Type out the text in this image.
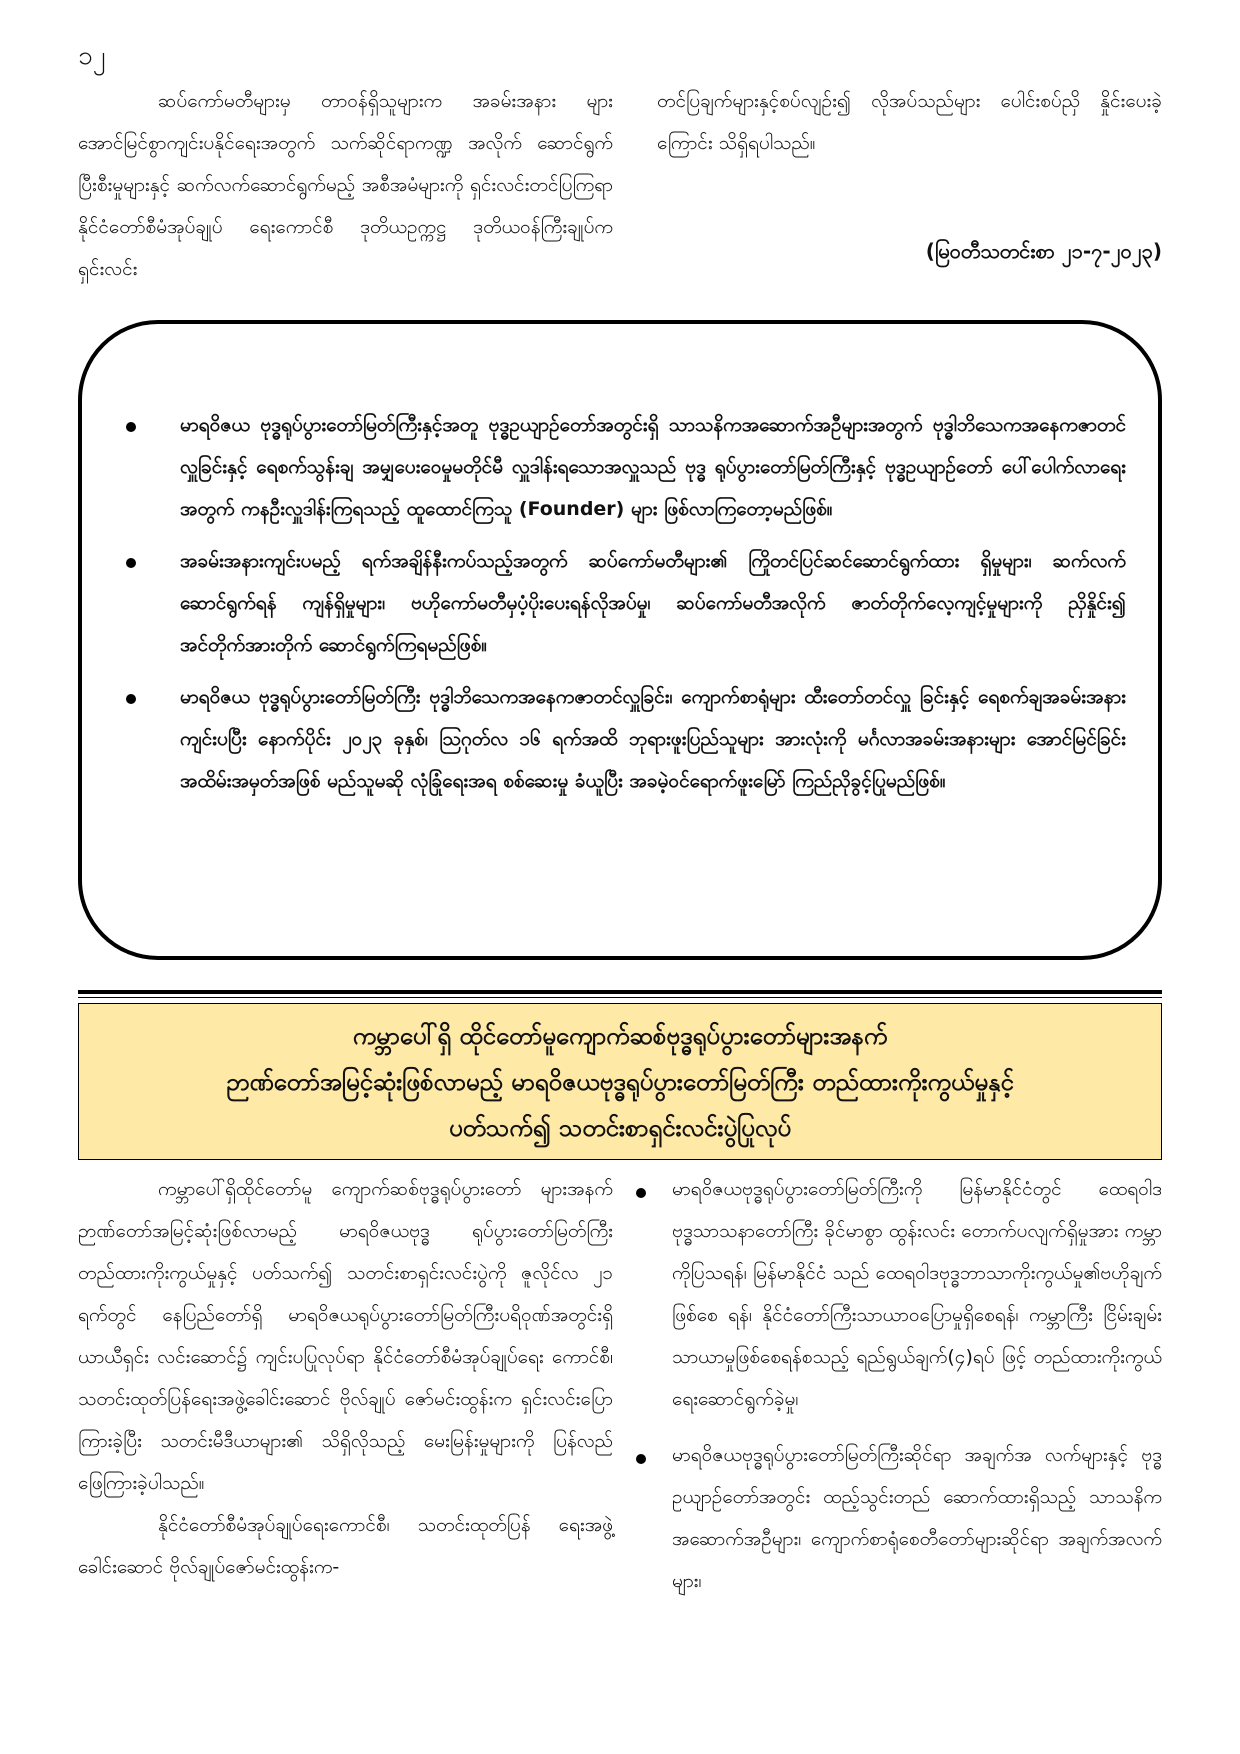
၁၂

ဆပ်ကော်မတီများမှ တာဝန်ရှိသူများက အခမ်းအနား များ အောင်မြင်စွာကျင်းပနိုင်ရေးအတွက် သက်ဆိုင်ရာကဏ္ဍ အလိုက် ဆောင်ရွက်ပြီးစီးမှုများနှင့် ဆက်လက်ဆောင်ရွက်မည့် အစီအမံများကို ရှင်းလင်းတင်ပြကြရာ နိုင်ငံတော်စီမံအုပ်ချုပ် ရေးကောင်စီ ဒုတိယဥက္ကဋ္ဌ ဒုတိယဝန်ကြီးချုပ်က ရှင်းလင်း

တင်ပြချက်များနှင့်စပ်လျဉ်း၍ လိုအပ်သည်များ ပေါင်းစပ်ညှိ နှိုင်းပေးခဲ့ကြောင်း သိရှိရပါသည်။

(မြဝတီသတင်းစာ ၂၁-၇-၂၀၂၃)
မာရဝိဇယ ဗုဒ္ဓရုပ်ပွားတော်မြတ်ကြီးနှင့်အတူ ဗုဒ္ဓဥယျာဉ်တော်အတွင်းရှိ သာသနိကအဆောက်အဦများအတွက် ဗုဒ္ဓါဘိသေကအနေကဇာတင်လှူခြင်းနှင့် ရေစက်သွန်းချ အမျှပေးဝေမှုမတိုင်မီ လှူဒါန်းရသောအလှူသည် ဗုဒ္ဓ ရုပ်ပွားတော်မြတ်ကြီးနှင့် ဗုဒ္ဓဥယျာဉ်တော် ပေါ်ပေါက်လာရေးအတွက် ကနဦးလှူဒါန်းကြရသည့် ထူထောင်ကြသူ (Founder) များ ဖြစ်လာကြတော့မည်ဖြစ်။
အခမ်းအနားကျင်းပမည့် ရက်အချိန်နီးကပ်သည့်အတွက် ဆပ်ကော်မတီများ၏ ကြိုတင်ပြင်ဆင်ဆောင်ရွက်ထား ရှိမှုများ၊ ဆက်လက်ဆောင်ရွက်ရန် ကျန်ရှိမှုများ၊ ဗဟိုကော်မတီမှပံ့ပိုးပေးရန်လိုအပ်မှု၊ ဆပ်ကော်မတီအလိုက် ဇာတ်တိုက်လေ့ကျင့်မှုများကို ညှိနှိုင်း၍ အင်တိုက်အားတိုက် ဆောင်ရွက်ကြရမည်ဖြစ်။
မာရဝိဇယ ဗုဒ္ဓရုပ်ပွားတော်မြတ်ကြီး ဗုဒ္ဓါဘိသေကအနေကဇာတင်လှူခြင်း၊ ကျောက်စာရုံများ ထီးတော်တင်လှူ ခြင်းနှင့် ရေစက်ချအခမ်းအနားကျင်းပပြီး နောက်ပိုင်း ၂၀၂၃ ခုနှစ်၊ ဩဂုတ်လ ၁၆ ရက်အထိ ဘုရားဖူးပြည်သူများ အားလုံးကို မင်္ဂလာအခမ်းအနားများ အောင်မြင်ခြင်း အထိမ်းအမှတ်အဖြစ် မည်သူမဆို လုံခြုံရေးအရ စစ်ဆေးမှု ခံယူပြီး အခမဲ့ဝင်ရောက်ဖူးမြော် ကြည်ညိုခွင့်ပြုမည်ဖြစ်။
ကမ္ဘာပေါ်ရှိ ထိုင်တော်မူကျောက်ဆစ်ဗုဒ္ဓရုပ်ပွားတော်များအနက်
ဉာဏ်တော်အမြင့်ဆုံးဖြစ်လာမည့် မာရဝိဇယဗုဒ္ဓရုပ်ပွားတော်မြတ်ကြီး တည်ထားကိုးကွယ်မှုနှင့်
ပတ်သက်၍ သတင်းစာရှင်းလင်းပွဲပြုလုပ်

ကမ္ဘာပေါ်ရှိထိုင်တော်မူ ကျောက်ဆစ်ဗုဒ္ဓရုပ်ပွားတော် များအနက် ဉာဏ်တော်အမြင့်ဆုံးဖြစ်လာမည့် မာရဝိဇယဗုဒ္ဓ ရုပ်ပွားတော်မြတ်ကြီး တည်ထားကိုးကွယ်မှုနှင့် ပတ်သက်၍ သတင်းစာရှင်းလင်းပွဲကို ဇူလိုင်လ ၂၁ ရက်တွင် နေပြည်တော်ရှိ မာရဝိဇယရုပ်ပွားတော်မြတ်ကြီးပရိဝုဏ်အတွင်းရှိ ယာယီရှင်း လင်းဆောင်၌ ကျင်းပပြုလုပ်ရာ နိုင်ငံတော်စီမံအုပ်ချုပ်ရေး ကောင်စီ၊ သတင်းထုတ်ပြန်ရေးအဖွဲ့ခေါင်းဆောင် ဗိုလ်ချုပ် ဇော်မင်းထွန်းက ရှင်းလင်းပြောကြားခဲ့ပြီး သတင်းမီဒီယာများ၏ သိရှိလိုသည့် မေးမြန်းမှုများကို ပြန်လည်ဖြေကြားခဲ့ပါသည်။

နိုင်ငံတော်စီမံအုပ်ချုပ်ရေးကောင်စီ၊ သတင်းထုတ်ပြန် ရေးအဖွဲ့ခေါင်းဆောင် ဗိုလ်ချုပ်ဇော်မင်းထွန်းက-

မာရဝိဇယဗုဒ္ဓရုပ်ပွားတော်မြတ်ကြီးကို မြန်မာနိုင်ငံတွင် ထေရဝါဒဗုဒ္ဓသာသနာတော်ကြီး ခိုင်မာစွာ ထွန်းလင်း တောက်ပလျက်ရှိမှုအား ကမ္ဘာကိုပြသရန်၊ မြန်မာနိုင်ငံ သည် ထေရဝါဒဗုဒ္ဓဘာသာကိုးကွယ်မှု၏ဗဟိုချက်ဖြစ်စေ ရန်၊ နိုင်ငံတော်ကြီးသာယာဝပြောမှုရှိစေရန်၊ ကမ္ဘာကြီး ငြိမ်းချမ်းသာယာမှုဖြစ်စေရန်စသည့် ရည်ရွယ်ချက်(၄)ရပ် ဖြင့် တည်ထားကိုးကွယ်ရေးဆောင်ရွက်ခဲ့မှု၊
မာရဝိဇယဗုဒ္ဓရုပ်ပွားတော်မြတ်ကြီးဆိုင်ရာ အချက်အ လက်များနှင့် ဗုဒ္ဓဥယျာဉ်တော်အတွင်း ထည့်သွင်းတည် ဆောက်ထားရှိသည့် သာသနိကအဆောက်အဦများ၊ ကျောက်စာရုံစေတီတော်များဆိုင်ရာ အချက်အလက်များ၊
